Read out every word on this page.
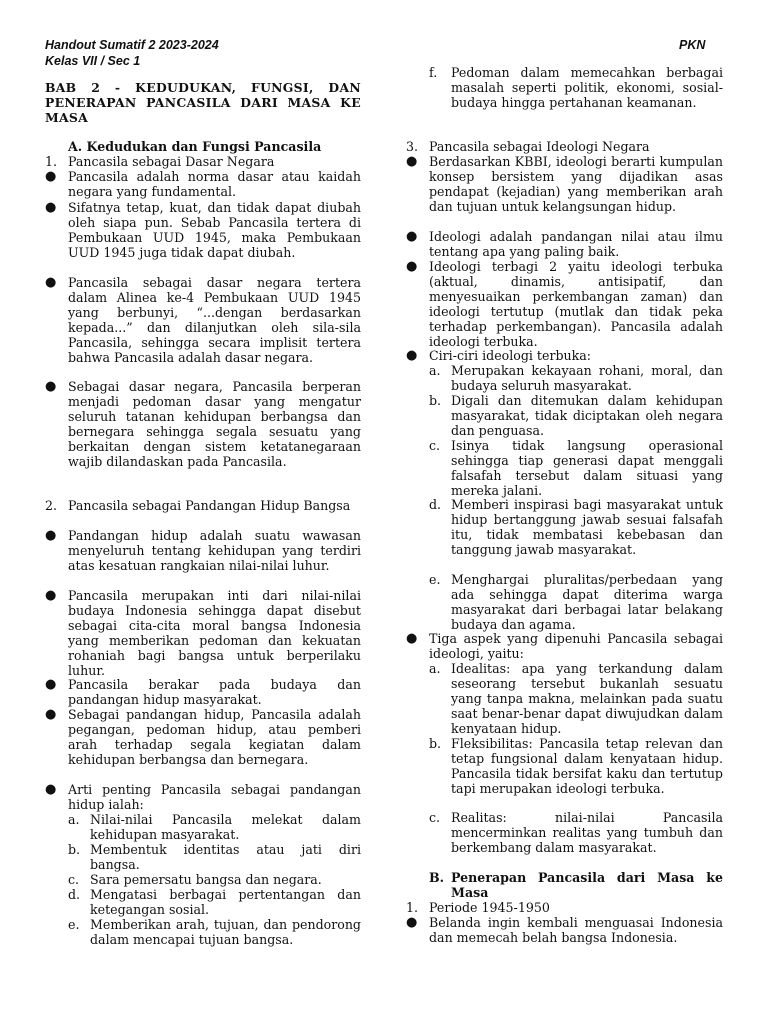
Handout Sumatif 2 2023-2024
Kelas VII / Sec 1
PKN
BAB 2 - KEDUDUKAN, FUNGSI, DAN PENERAPAN PANCASILA DARI MASA KE MASA
A. Kedudukan dan Fungsi Pancasila
1. Pancasila sebagai Dasar Negara
● Pancasila adalah norma dasar atau kaidah negara yang fundamental.
● Sifatnya tetap, kuat, dan tidak dapat diubah oleh siapa pun. Sebab Pancasila tertera di Pembukaan UUD 1945, maka Pembukaan UUD 1945 juga tidak dapat diubah.
● Pancasila sebagai dasar negara tertera dalam Alinea ke-4 Pembukaan UUD 1945 yang berbunyi, “...dengan berdasarkan kepada...” dan dilanjutkan oleh sila-sila Pancasila, sehingga secara implisit tertera bahwa Pancasila adalah dasar negara.
● Sebagai dasar negara, Pancasila berperan menjadi pedoman dasar yang mengatur seluruh tatanan kehidupan berbangsa dan bernegara sehingga segala sesuatu yang berkaitan dengan sistem ketatanegaraan wajib dilandaskan pada Pancasila.
2. Pancasila sebagai Pandangan Hidup Bangsa
● Pandangan hidup adalah suatu wawasan menyeluruh tentang kehidupan yang terdiri atas kesatuan rangkaian nilai-nilai luhur.
● Pancasila merupakan inti dari nilai-nilai budaya Indonesia sehingga dapat disebut sebagai cita-cita moral bangsa Indonesia yang memberikan pedoman dan kekuatan rohaniah bagi bangsa untuk berperilaku luhur.
● Pancasila berakar pada budaya dan pandangan hidup masyarakat.
● Sebagai pandangan hidup, Pancasila adalah pegangan, pedoman hidup, atau pemberi arah terhadap segala kegiatan dalam kehidupan berbangsa dan bernegara.
● Arti penting Pancasila sebagai pandangan hidup ialah:
a. Nilai-nilai Pancasila melekat dalam kehidupan masyarakat.
b. Membentuk identitas atau jati diri bangsa.
c. Sara pemersatu bangsa dan negara.
d. Mengatasi berbagai pertentangan dan ketegangan sosial.
e. Memberikan arah, tujuan, dan pendorong dalam mencapai tujuan bangsa.
f. Pedoman dalam memecahkan berbagai masalah seperti politik, ekonomi, sosial-budaya hingga pertahanan keamanan.
3. Pancasila sebagai Ideologi Negara
● Berdasarkan KBBI, ideologi berarti kumpulan konsep bersistem yang dijadikan asas pendapat (kejadian) yang memberikan arah dan tujuan untuk kelangsungan hidup.
● Ideologi adalah pandangan nilai atau ilmu tentang apa yang paling baik.
● Ideologi terbagi 2 yaitu ideologi terbuka (aktual, dinamis, antisipatif, dan menyesuaikan perkembangan zaman) dan ideologi tertutup (mutlak dan tidak peka terhadap perkembangan). Pancasila adalah ideologi terbuka.
● Ciri-ciri ideologi terbuka:
a. Merupakan kekayaan rohani, moral, dan budaya seluruh masyarakat.
b. Digali dan ditemukan dalam kehidupan masyarakat, tidak diciptakan oleh negara dan penguasa.
c. Isinya tidak langsung operasional sehingga tiap generasi dapat menggali falsafah tersebut dalam situasi yang mereka jalani.
d. Memberi inspirasi bagi masyarakat untuk hidup bertanggung jawab sesuai falsafah itu, tidak membatasi kebebasan dan tanggung jawab masyarakat.
e. Menghargai pluralitas/perbedaan yang ada sehingga dapat diterima warga masyarakat dari berbagai latar belakang budaya dan agama.
● Tiga aspek yang dipenuhi Pancasila sebagai ideologi, yaitu:
a. Idealitas: apa yang terkandung dalam seseorang tersebut bukanlah sesuatu yang tanpa makna, melainkan pada suatu saat benar-benar dapat diwujudkan dalam kenyataan hidup.
b. Fleksibilitas: Pancasila tetap relevan dan tetap fungsional dalam kenyataan hidup. Pancasila tidak bersifat kaku dan tertutup tapi merupakan ideologi terbuka.
c. Realitas: nilai-nilai Pancasila mencerminkan realitas yang tumbuh dan berkembang dalam masyarakat.
B. Penerapan Pancasila dari Masa ke Masa
1. Periode 1945-1950
● Belanda ingin kembali menguasai Indonesia dan memecah belah bangsa Indonesia.
